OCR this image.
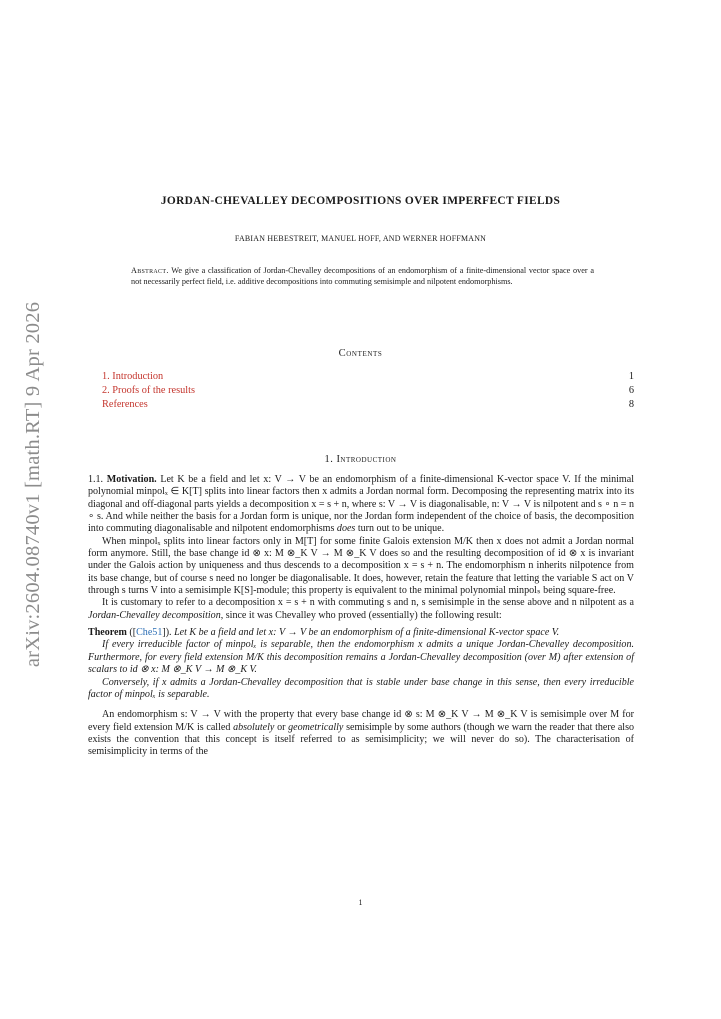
arXiv:2604.08740v1 [math.RT] 9 Apr 2026
JORDAN-CHEVALLEY DECOMPOSITIONS OVER IMPERFECT FIELDS
FABIAN HEBESTREIT, MANUEL HOFF, AND WERNER HOFFMANN
Abstract. We give a classification of Jordan-Chevalley decompositions of an endomorphism of a finite-dimensional vector space over a not necessarily perfect field, i.e. additive decompositions into commuting semisimple and nilpotent endomorphisms.
Contents
1. Introduction	1
2. Proofs of the results	6
References	8
1. Introduction

1.1. Motivation. Let K be a field and let x: V → V be an endomorphism of a finite-dimensional K-vector space V. If the minimal polynomial minpolₓ ∈ K[T] splits into linear factors then x admits a Jordan normal form. Decomposing the representing matrix into its diagonal and off-diagonal parts yields a decomposition x = s + n, where s: V → V is diagonalisable, n: V → V is nilpotent and s ∘ n = n ∘ s. And while neither the basis for a Jordan form is unique, nor the Jordan form independent of the choice of basis, the decomposition into commuting diagonalisable and nilpotent endomorphisms does turn out to be unique.

When minpolₓ splits into linear factors only in M[T] for some finite Galois extension M/K then x does not admit a Jordan normal form anymore. Still, the base change id ⊗ x: M ⊗_K V → M ⊗_K V does so and the resulting decomposition of id ⊗ x is invariant under the Galois action by uniqueness and thus descends to a decomposition x = s + n. The endomorphism n inherits nilpotence from its base change, but of course s need no longer be diagonalisable. It does, however, retain the feature that letting the variable S act on V through s turns V into a semisimple K[S]-module; this property is equivalent to the minimal polynomial minpolₛ being square-free.

It is customary to refer to a decomposition x = s + n with commuting s and n, s semisimple in the sense above and n nilpotent as a Jordan-Chevalley decomposition, since it was Chevalley who proved (essentially) the following result:

Theorem ([Che51]). Let K be a field and let x: V → V be an endomorphism of a finite-dimensional K-vector space V.

If every irreducible factor of minpolₓ is separable, then the endomorphism x admits a unique Jordan-Chevalley decomposition. Furthermore, for every field extension M/K this decomposition remains a Jordan-Chevalley decomposition (over M) after extension of scalars to id ⊗ x: M ⊗_K V → M ⊗_K V.

Conversely, if x admits a Jordan-Chevalley decomposition that is stable under base change in this sense, then every irreducible factor of minpolₓ is separable.

An endomorphism s: V → V with the property that every base change id ⊗ s: M ⊗_K V → M ⊗_K V is semisimple over M for every field extension M/K is called absolutely or geometrically semisimple by some authors (though we warn the reader that there also exists the convention that this concept is itself referred to as semisimplicity; we will never do so). The characterisation of semisimplicity in terms of the

1
